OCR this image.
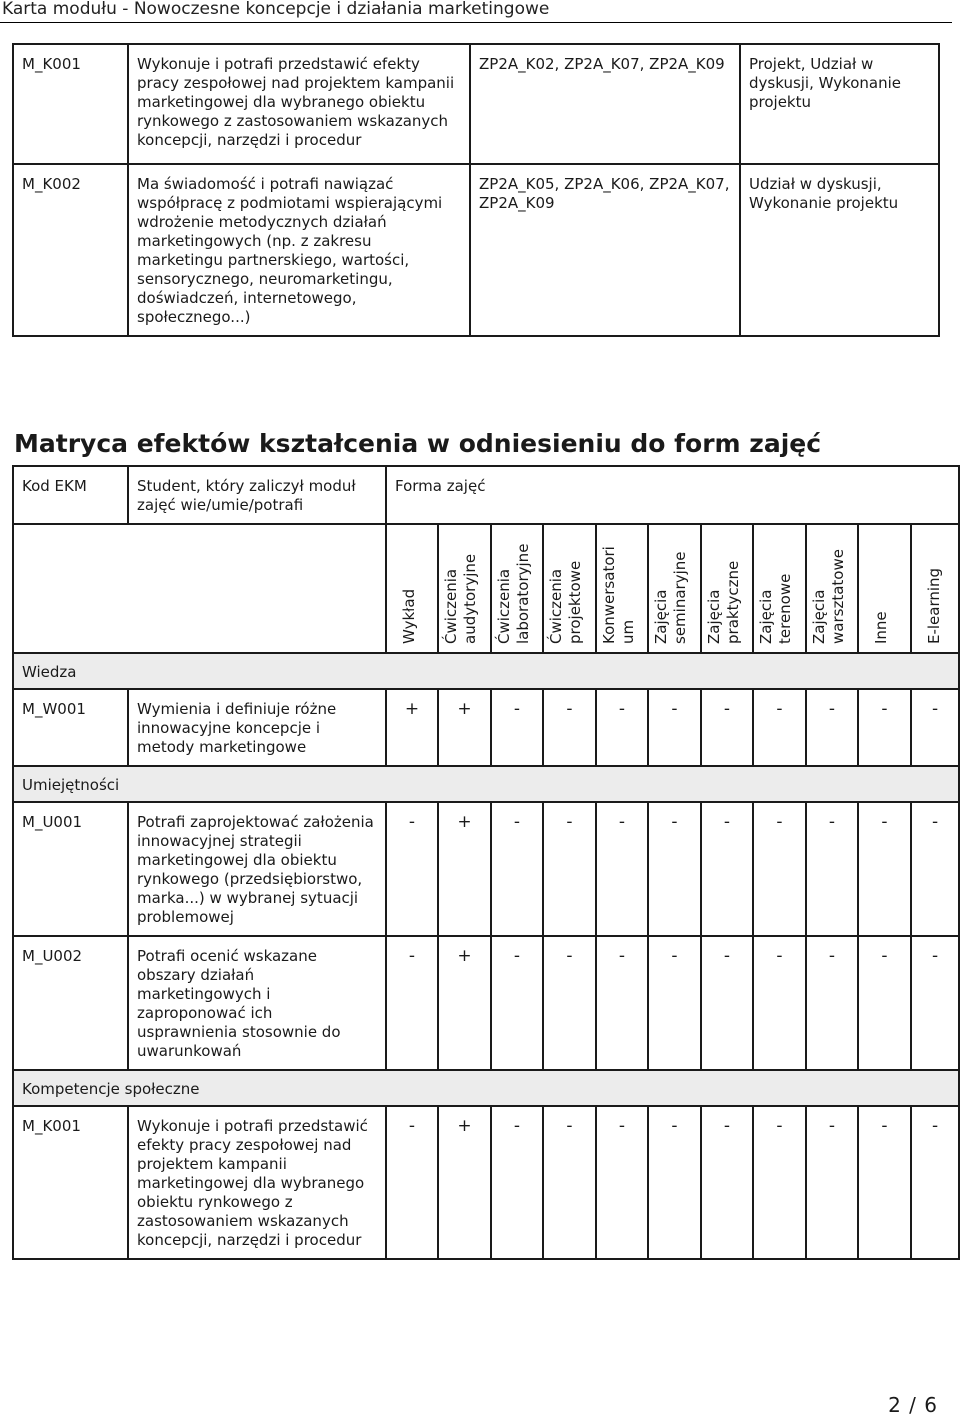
Karta modułu - Nowoczesne koncepcje i działania marketingowe
M_K001	Wykonuje i potrafi przedstawić efekty pracy zespołowej nad projektem kampanii marketingowej dla wybranego obiektu rynkowego z zastosowaniem wskazanych koncepcji, narzędzi i procedur	ZP2A_K02, ZP2A_K07, ZP2A_K09	Projekt, Udział w dyskusji, Wykonanie projektu
M_K002	Ma świadomość i potrafi nawiązać współpracę z podmiotami wspierającymi wdrożenie metodycznych działań marketingowych (np. z zakresu marketingu partnerskiego, wartości, sensorycznego, neuromarketingu, doświadczeń, internetowego, społecznego...)	ZP2A_K05, ZP2A_K06, ZP2A_K07, ZP2A_K09	Udział w dyskusji, Wykonanie projektu
Matryca efektów kształcenia w odniesieniu do form zajęć
Kod EKM	Student, który zaliczył moduł zajęć wie/umie/potrafi	Forma zajęć										

		Wykład	Ćwiczenia audytoryjne	Ćwiczenia laboratoryjne	Ćwiczenia projektowe	Konwersatori um	Zajęcia seminaryjne	Zajęcia praktyczne	Zajęcia terenowe	Zajęcia warsztatowe	Inne	E-learning

Wiedza												
M_W001	Wymienia i definiuje różne innowacyjne koncepcje i metody marketingowe	+	+	-	-	-	-	-	-	-	-	-
Umiejętności												
M_U001	Potrafi zaprojektować założenia innowacyjnej strategii marketingowej dla obiektu rynkowego (przedsiębiorstwo, marka...) w wybranej sytuacji problemowej	-	+	-	-	-	-	-	-	-	-	-
M_U002	Potrafi ocenić wskazane obszary działań marketingowych i zaproponować ich usprawnienia stosownie do uwarunkowań	-	+	-	-	-	-	-	-	-	-	-
Kompetencje społeczne												
M_K001	Wykonuje i potrafi przedstawić efekty pracy zespołowej nad projektem kampanii marketingowej dla wybranego obiektu rynkowego z zastosowaniem wskazanych koncepcji, narzędzi i procedur	-	+	-	-	-	-	-	-	-	-	-
2 / 6
